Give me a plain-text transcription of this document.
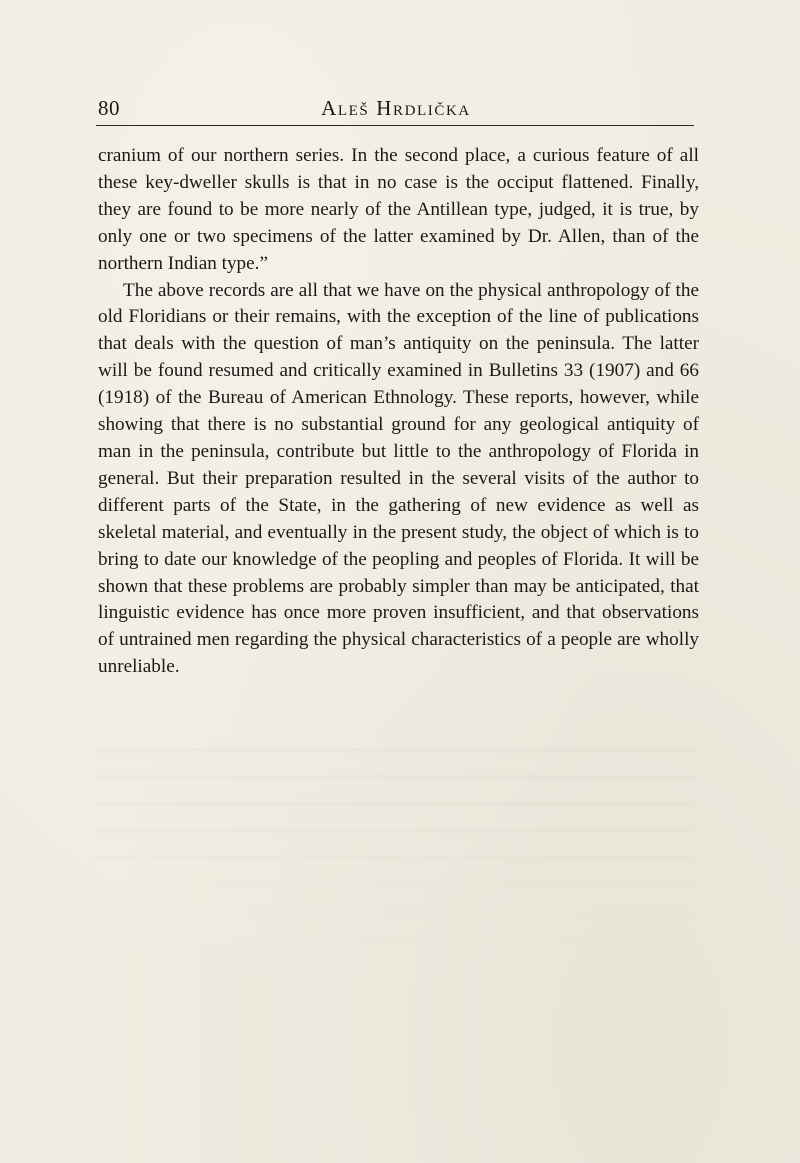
80	Aleš Hrdlička

cranium of our northern series. In the second place, a curious feature of all these key-dweller skulls is that in no case is the occiput flattened. Finally, they are found to be more nearly of the Antillean type, judged, it is true, by only one or two specimens of the latter examined by Dr. Allen, than of the northern Indian type.”

The above records are all that we have on the physical anthropology of the old Floridians or their remains, with the exception of the line of publications that deals with the question of man’s antiquity on the peninsula. The latter will be found resumed and critically examined in Bulletins 33 (1907) and 66 (1918) of the Bureau of American Ethnology. These reports, however, while showing that there is no substantial ground for any geological antiquity of man in the peninsula, contribute but little to the anthropology of Florida in general. But their preparation resulted in the several visits of the author to different parts of the State, in the gathering of new evidence as well as skeletal material, and eventually in the present study, the object of which is to bring to date our knowledge of the peopling and peoples of Florida. It will be shown that these problems are probably simpler than may be anticipated, that linguistic evidence has once more proven insufficient, and that observations of untrained men regarding the physical characteristics of a people are wholly unreliable.
